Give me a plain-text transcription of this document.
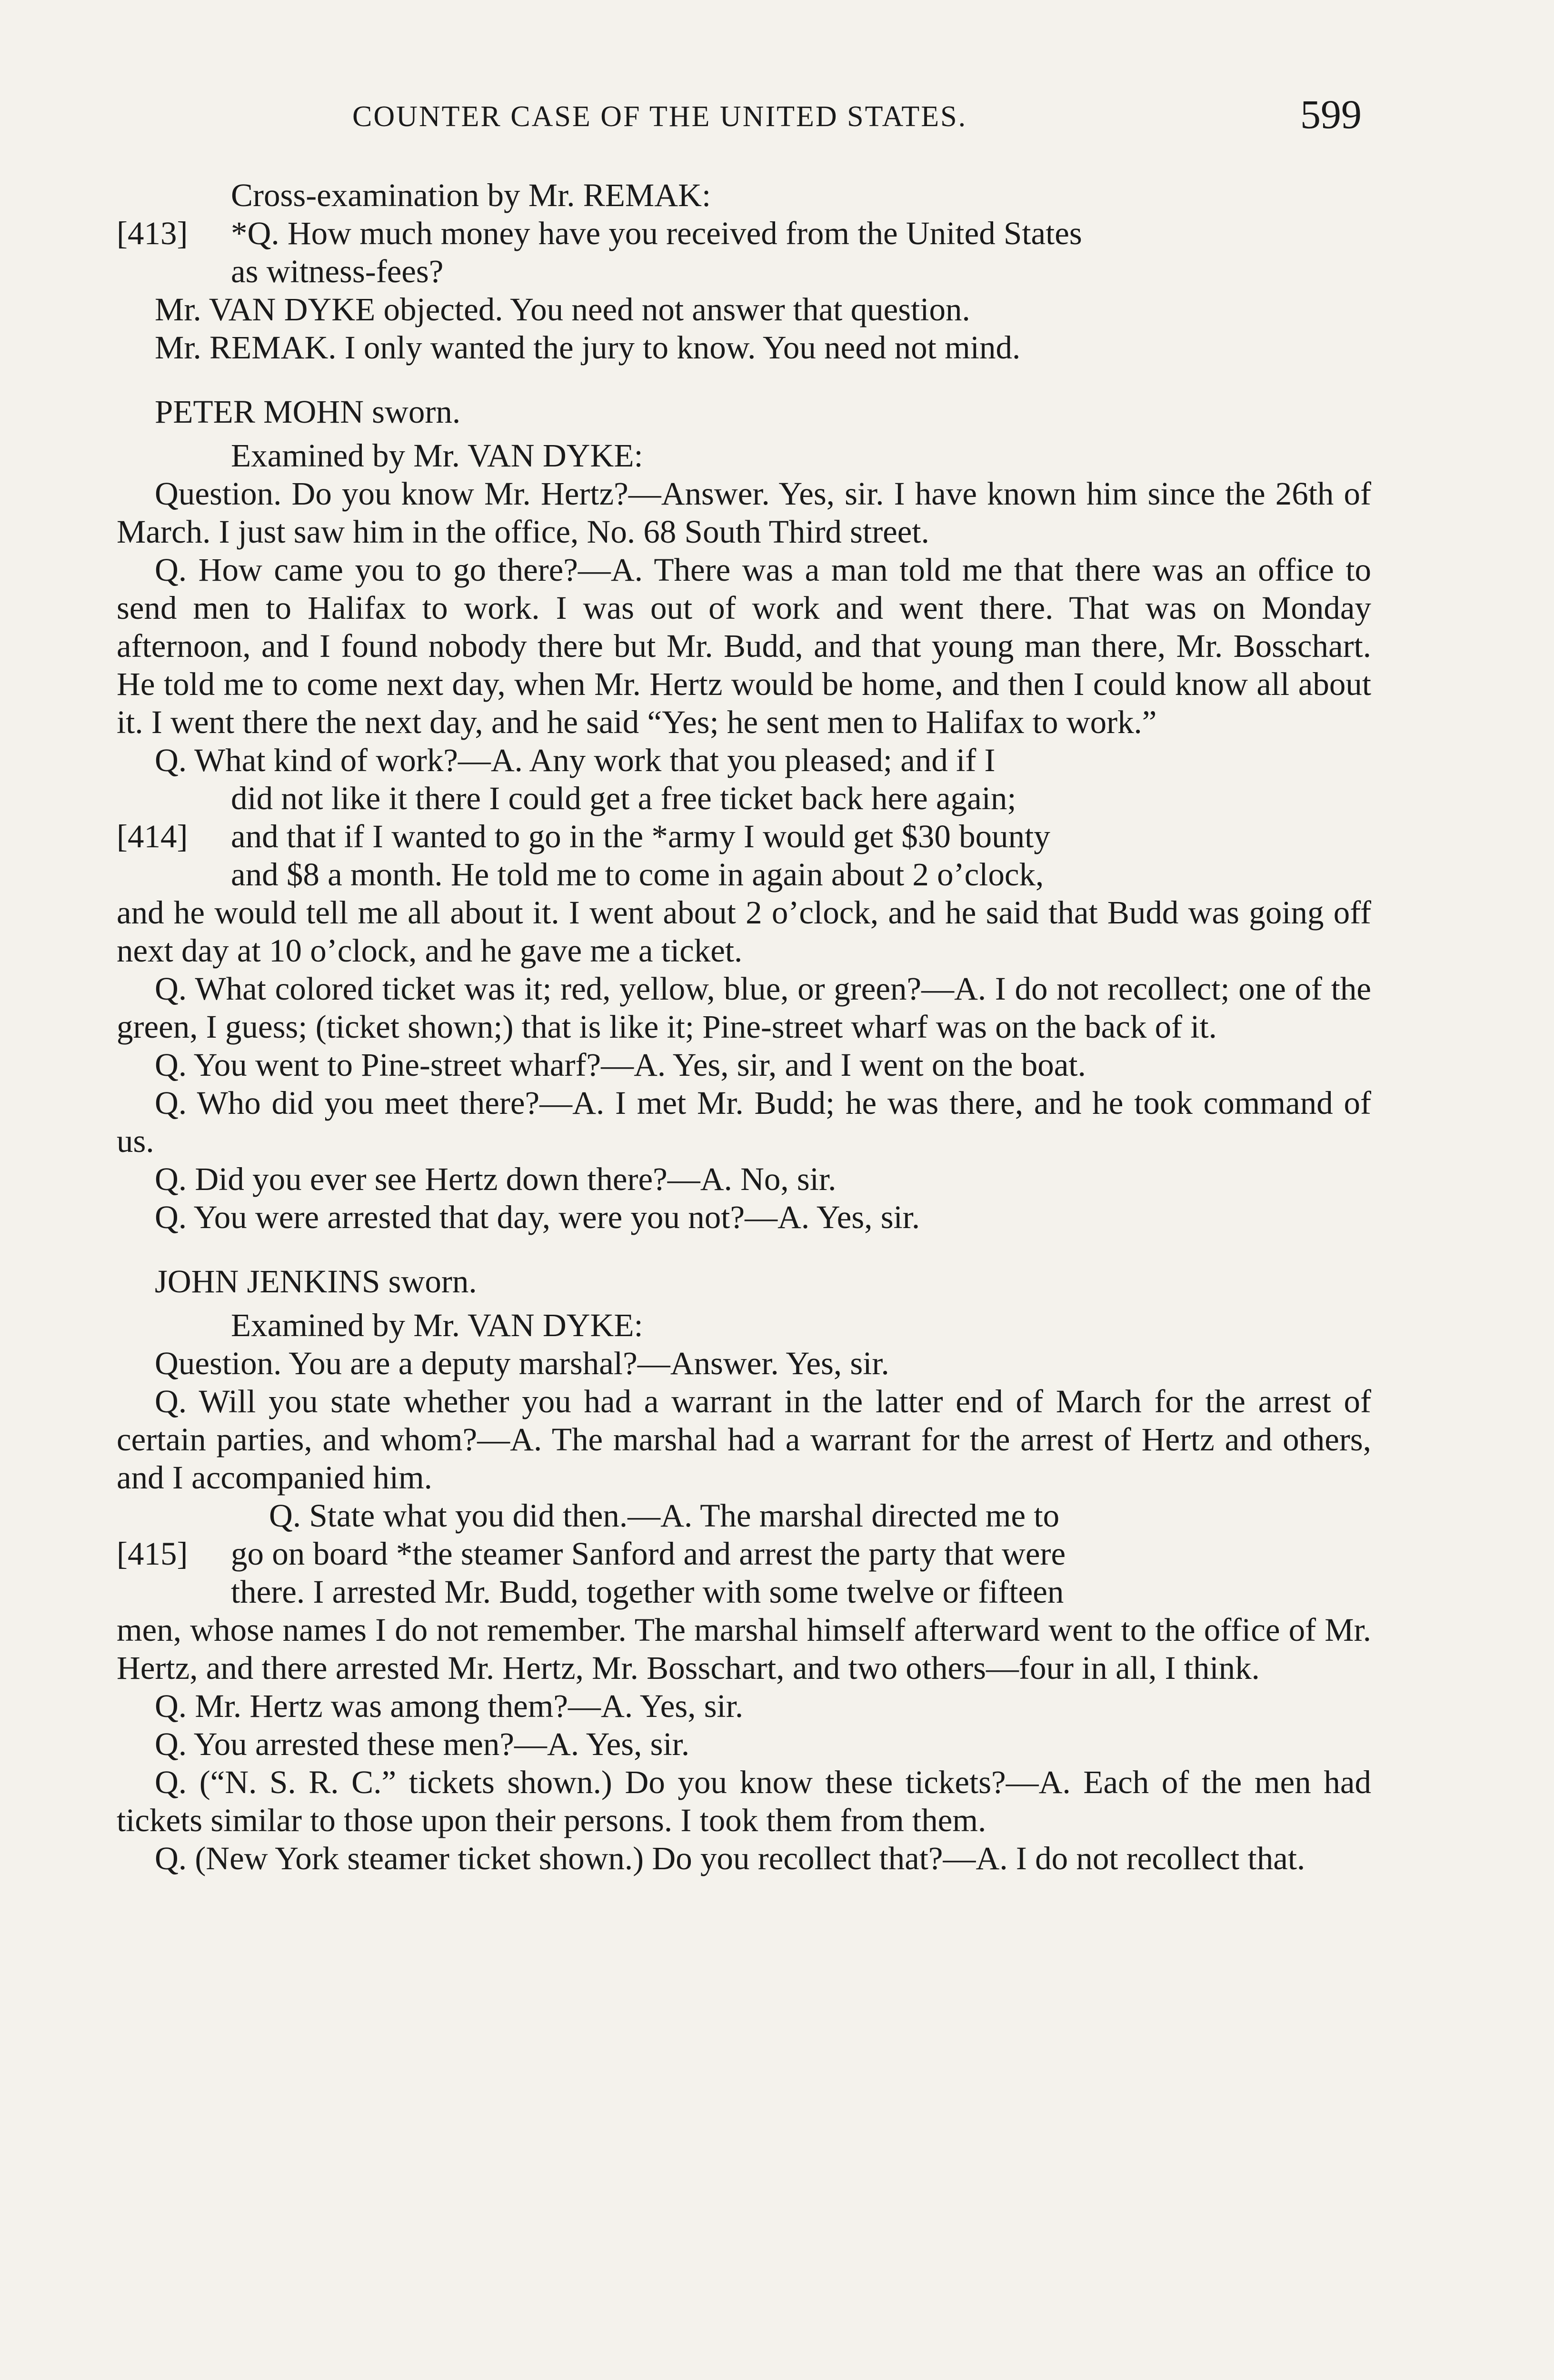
COUNTER CASE OF THE UNITED STATES.	599
Cross-examination by Mr. REMAK:
[413] *Q. How much money have you received from the United States
as witness-fees?
Mr. VAN DYKE objected. You need not answer that question.
Mr. REMAK. I only wanted the jury to know. You need not mind.
PETER MOHN sworn.
Examined by Mr. VAN DYKE:
Question. Do you know Mr. Hertz?—Answer. Yes, sir. I have known him since the 26th of March. I just saw him in the office, No. 68 South Third street.
Q. How came you to go there?—A. There was a man told me that there was an office to send men to Halifax to work. I was out of work and went there. That was on Monday afternoon, and I found nobody there but Mr. Budd, and that young man there, Mr. Bosschart. He told me to come next day, when Mr. Hertz would be home, and then I could know all about it. I went there the next day, and he said “Yes; he sent men to Halifax to work.”
Q. What kind of work?—A. Any work that you pleased; and if I
did not like it there I could get a free ticket back here again;
[414] and that if I wanted to go in the *army I would get $30 bounty
and $8 a month. He told me to come in again about 2 o’clock,
and he would tell me all about it. I went about 2 o’clock, and he said that Budd was going off next day at 10 o’clock, and he gave me a ticket.
Q. What colored ticket was it; red, yellow, blue, or green?—A. I do not recollect; one of the green, I guess; (ticket shown;) that is like it; Pine-street wharf was on the back of it.
Q. You went to Pine-street wharf?—A. Yes, sir, and I went on the boat.
Q. Who did you meet there?—A. I met Mr. Budd; he was there, and he took command of us.
Q. Did you ever see Hertz down there?—A. No, sir.
Q. You were arrested that day, were you not?—A. Yes, sir.
JOHN JENKINS sworn.
Examined by Mr. VAN DYKE:
Question. You are a deputy marshal?—Answer. Yes, sir.
Q. Will you state whether you had a warrant in the latter end of March for the arrest of certain parties, and whom?—A. The marshal had a warrant for the arrest of Hertz and others, and I accompanied him.
Q. State what you did then.—A. The marshal directed me to
[415] go on board *the steamer Sanford and arrest the party that were
there. I arrested Mr. Budd, together with some twelve or fifteen
men, whose names I do not remember. The marshal himself afterward went to the office of Mr. Hertz, and there arrested Mr. Hertz, Mr. Bosschart, and two others—four in all, I think.
Q. Mr. Hertz was among them?—A. Yes, sir.
Q. You arrested these men?—A. Yes, sir.
Q. (“N. S. R. C.” tickets shown.) Do you know these tickets?—A. Each of the men had tickets similar to those upon their persons. I took them from them.
Q. (New York steamer ticket shown.) Do you recollect that?—A. I do not recollect that.
